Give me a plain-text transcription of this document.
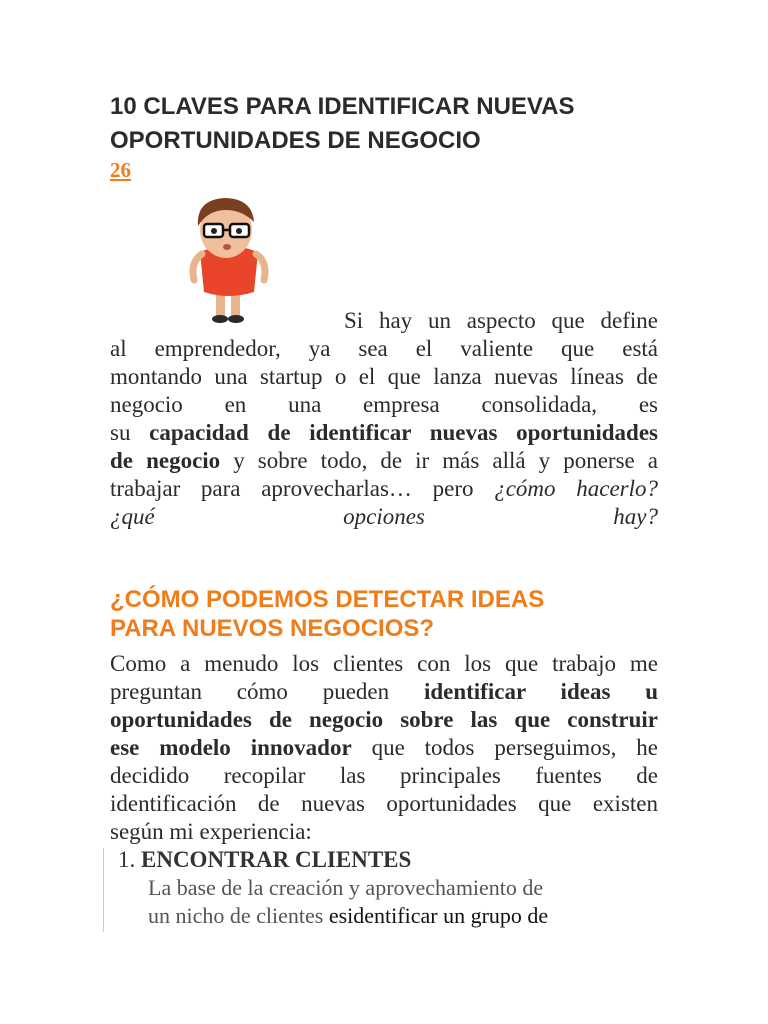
10 CLAVES PARA IDENTIFICAR NUEVAS
OPORTUNIDADES DE NEGOCIO
26
Si hay un aspecto que define
al emprendedor, ya sea el valiente que está
montando una startup o el que lanza nuevas líneas de
negocio en una empresa consolidada, es
su capacidad de identificar nuevas oportunidades
de negocio y sobre todo, de ir más allá y ponerse a
trabajar para aprovecharlas… pero ¿cómo hacerlo?
¿qué	opciones	hay?
¿CÓMO PODEMOS DETECTAR IDEAS
PARA NUEVOS NEGOCIOS?
Como a menudo los clientes con los que trabajo me
preguntan cómo pueden identificar ideas u
oportunidades de negocio sobre las que construir
ese modelo innovador que todos perseguimos, he
decidido recopilar las principales fuentes de
identificación de nuevas oportunidades que existen
según mi experiencia:
1. ENCONTRAR CLIENTES
La base de la creación y aprovechamiento de
un nicho de clientes esidentificar un grupo de
